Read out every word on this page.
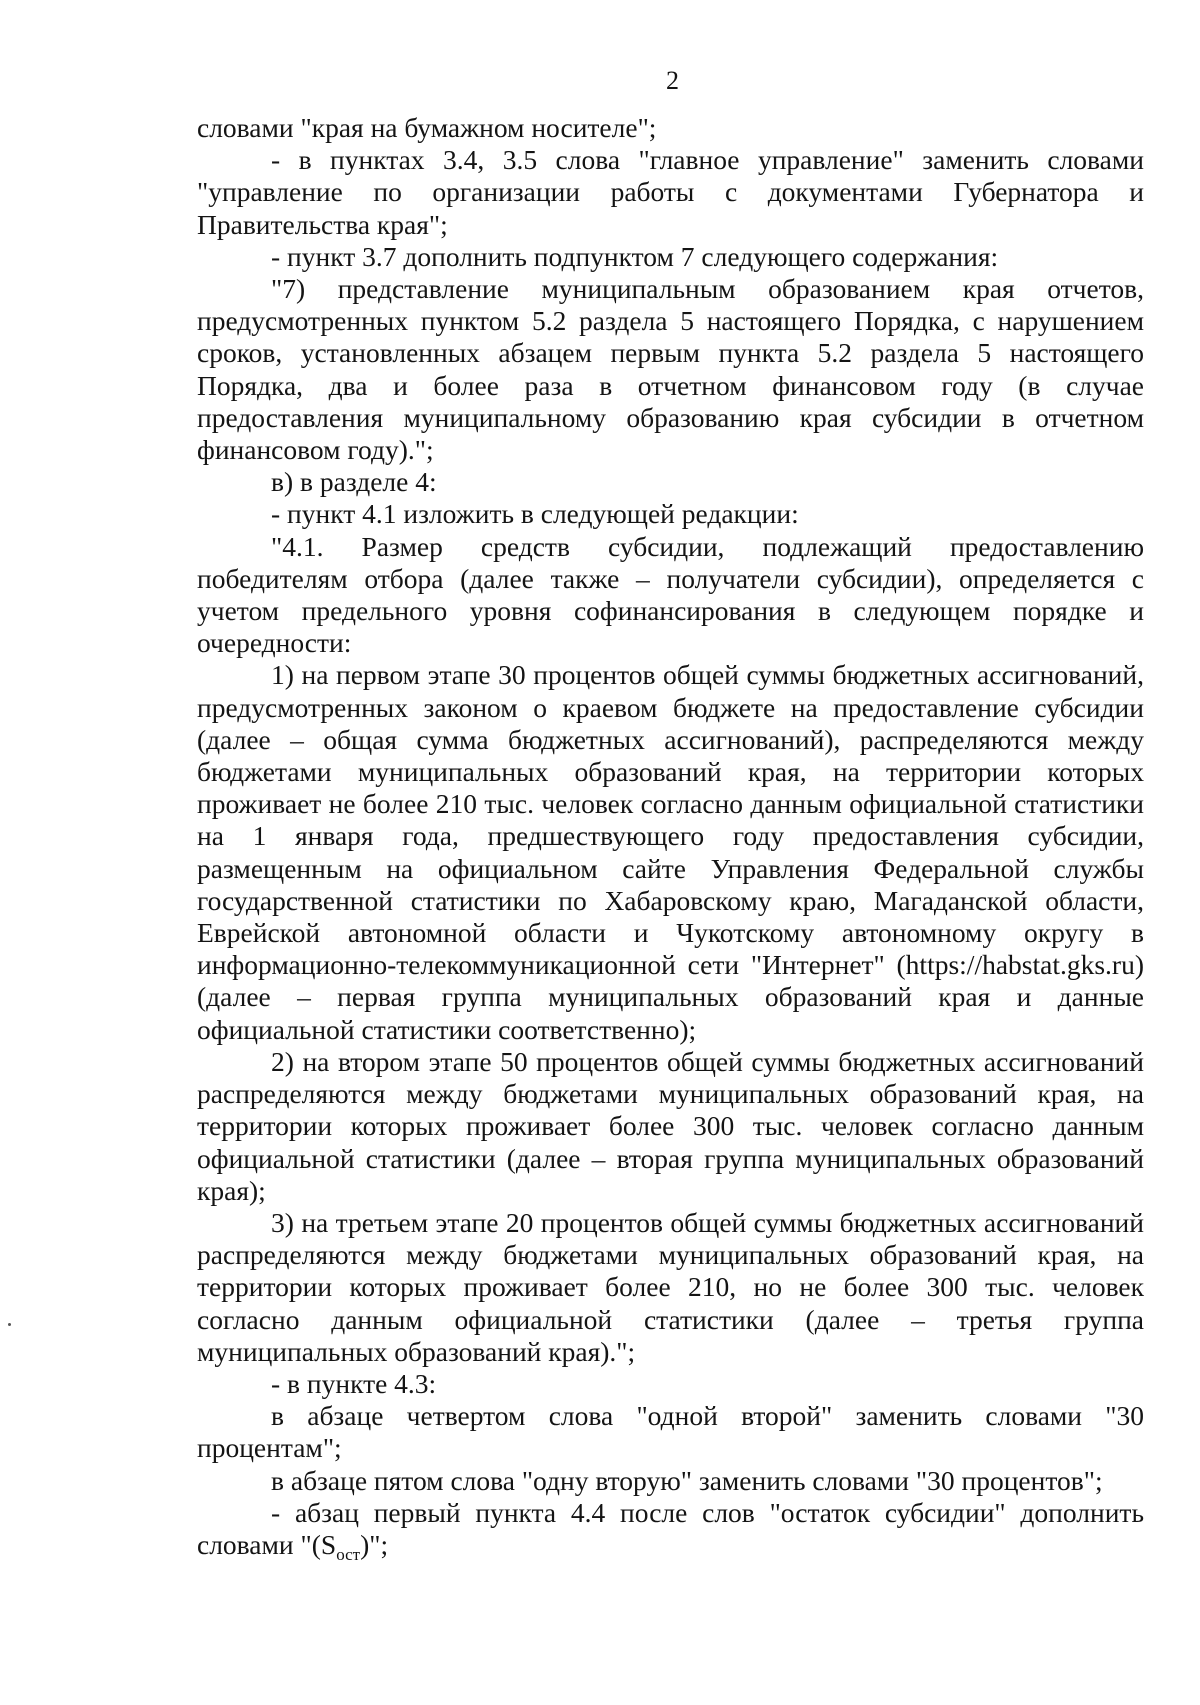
2

словами "края на бумажном носителе";

- в пунктах 3.4, 3.5 слова "главное управление" заменить словами "управление по организации работы с документами Губернатора и Правительства края";

- пункт 3.7 дополнить подпунктом 7 следующего содержания:

"7) представление муниципальным образованием края отчетов, предусмотренных пунктом 5.2 раздела 5 настоящего Порядка, с нарушением сроков, установленных абзацем первым пункта 5.2 раздела 5 настоящего Порядка, два и более раза в отчетном финансовом году (в случае предоставления муниципальному образованию края субсидии в отчетном финансовом году).";

в) в разделе 4:

- пункт 4.1 изложить в следующей редакции:

"4.1. Размер средств субсидии, подлежащий предоставлению победителям отбора (далее также – получатели субсидии), определяется с учетом предельного уровня софинансирования в следующем порядке и очередности:

1) на первом этапе 30 процентов общей суммы бюджетных ассигнований, предусмотренных законом о краевом бюджете на предоставление субсидии (далее – общая сумма бюджетных ассигнований), распределяются между бюджетами муниципальных образований края, на территории которых проживает не более 210 тыс. человек согласно данным официальной статистики на 1 января года, предшествующего году предоставления субсидии, размещенным на официальном сайте Управления Федеральной службы государственной статистики по Хабаровскому краю, Магаданской области, Еврейской автономной области и Чукотскому автономному округу в информационно-телекоммуникационной сети "Интернет" (https://habstat.gks.ru) (далее – первая группа муниципальных образований края и данные официальной статистики соответственно);

2) на втором этапе 50 процентов общей суммы бюджетных ассигнований распределяются между бюджетами муниципальных образований края, на территории которых проживает более 300 тыс. человек согласно данным официальной статистики (далее – вторая группа муниципальных образований края);

3) на третьем этапе 20 процентов общей суммы бюджетных ассигнований распределяются между бюджетами муниципальных образований края, на территории которых проживает более 210, но не более 300 тыс. человек согласно данным официальной статистики (далее – третья группа муниципальных образований края).";

- в пункте 4.3:

в абзаце четвертом слова "одной второй" заменить словами "30 процентам";

в абзаце пятом слова "одну вторую" заменить словами "30 процентов";

- абзац первый пункта 4.4 после слов "остаток субсидии" дополнить словами "$(S_{ост})$";
